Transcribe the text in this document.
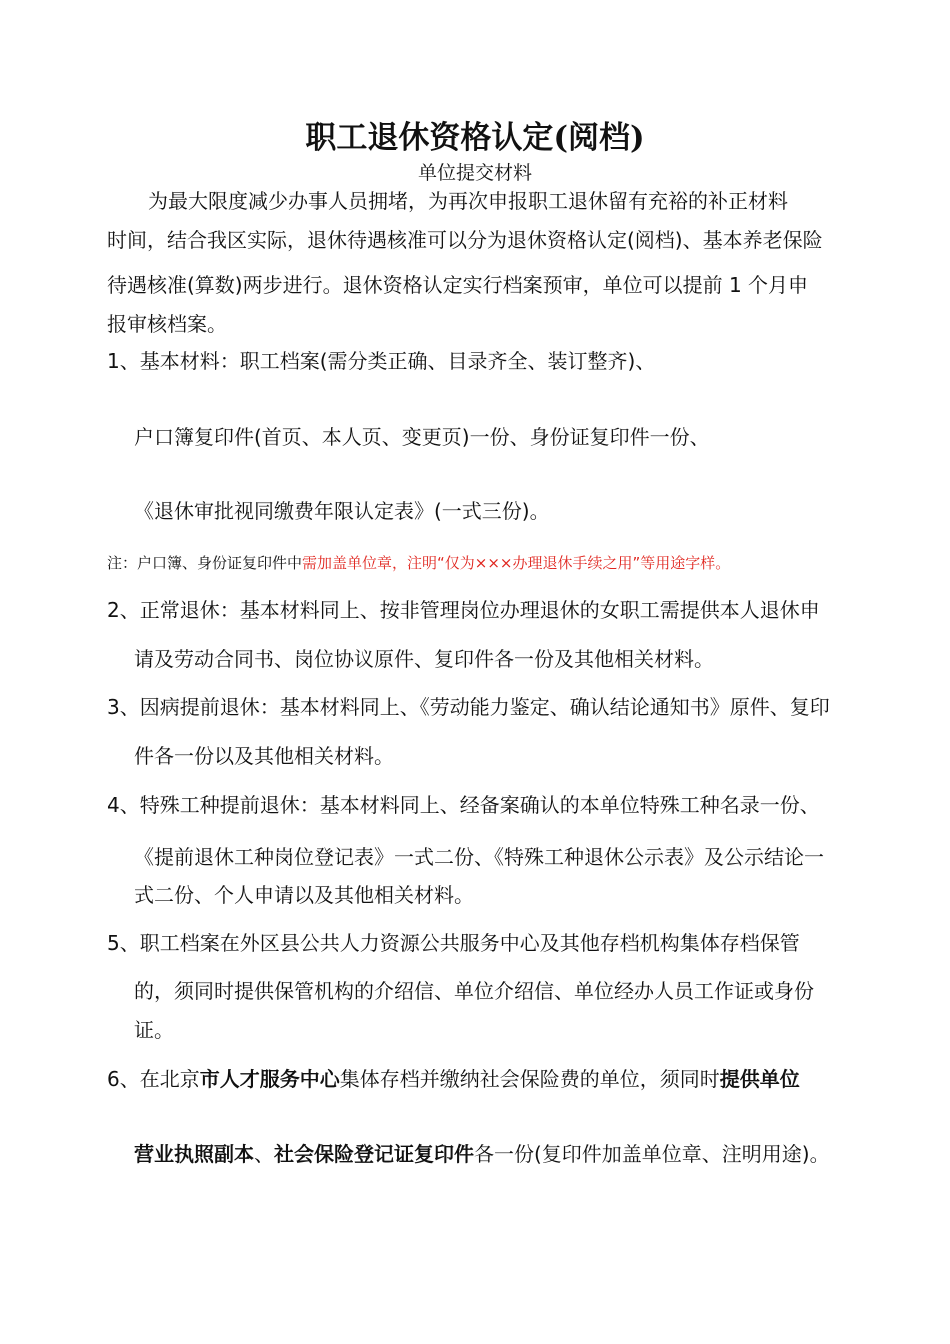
职工退休资格认定(阅档)
单位提交材料
为最大限度减少办事人员拥堵，为再次申报职工退休留有充裕的补正材料
时间，结合我区实际，退休待遇核准可以分为退休资格认定(阅档)、基本养老保险
待遇核准(算数)两步进行。退休资格认定实行档案预审，单位可以提前 1 个月申
报审核档案。
1、基本材料：职工档案(需分类正确、目录齐全、装订整齐)、
户口簿复印件(首页、本人页、变更页)一份、身份证复印件一份、
《退休审批视同缴费年限认定表》(一式三份)。
注：户口簿、身份证复印件中需加盖单位章，注明“仅为×××办理退休手续之用”等用途字样。
2、正常退休：基本材料同上、按非管理岗位办理退休的女职工需提供本人退休申
请及劳动合同书、岗位协议原件、复印件各一份及其他相关材料。
3、因病提前退休：基本材料同上、《劳动能力鉴定、确认结论通知书》原件、复印
件各一份以及其他相关材料。
4、特殊工种提前退休：基本材料同上、经备案确认的本单位特殊工种名录一份、
《提前退休工种岗位登记表》一式二份、《特殊工种退休公示表》及公示结论一
式二份、个人申请以及其他相关材料。
5、职工档案在外区县公共人力资源公共服务中心及其他存档机构集体存档保管
的，须同时提供保管机构的介绍信、单位介绍信、单位经办人员工作证或身份
证。
6、在北京市人才服务中心集体存档并缴纳社会保险费的单位，须同时提供单位
营业执照副本、社会保险登记证复印件各一份(复印件加盖单位章、注明用途)。
